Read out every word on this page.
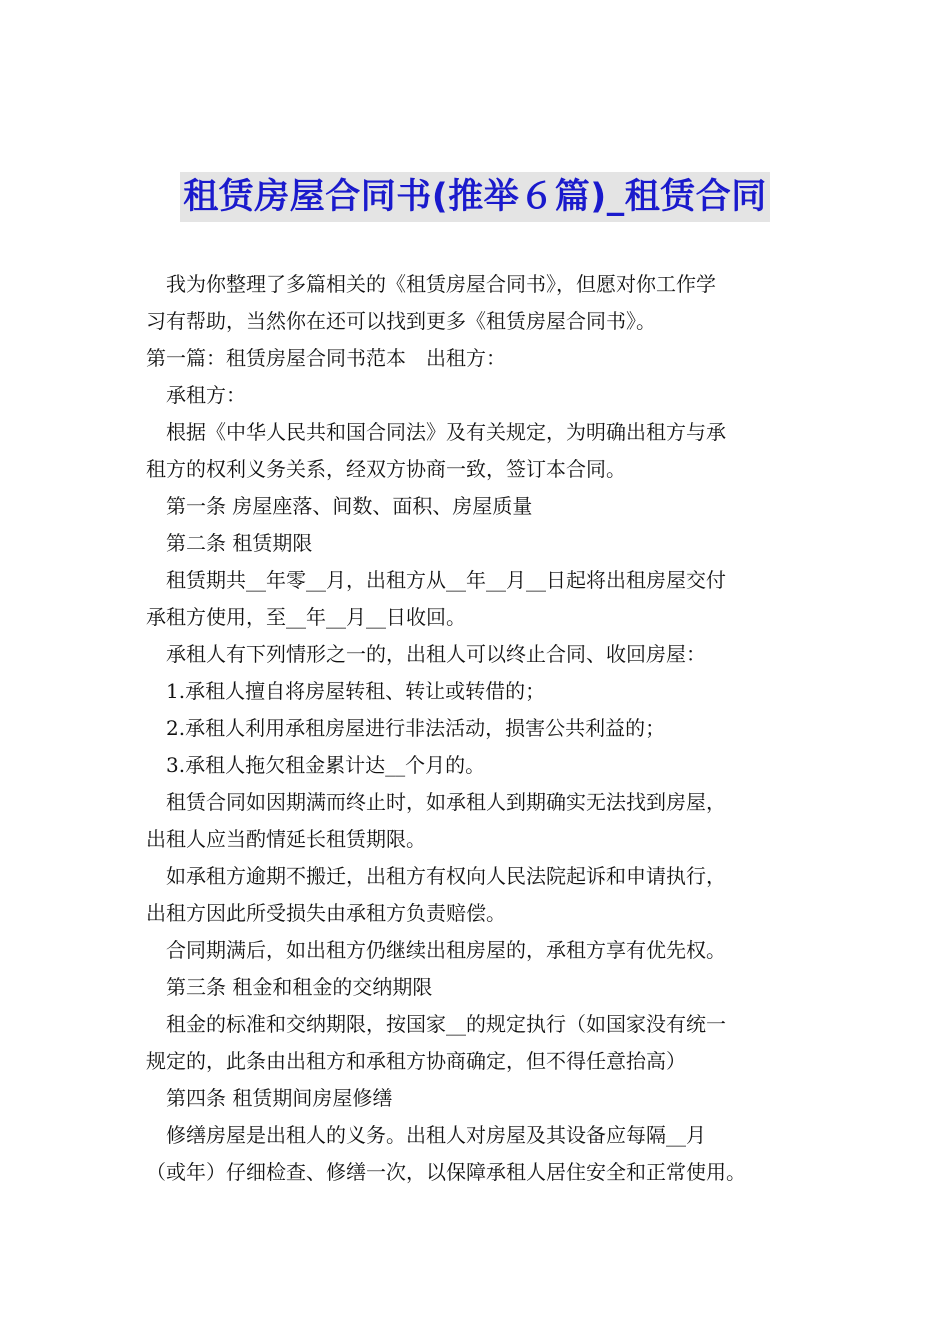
租赁房屋合同书(推举６篇)_租赁合同

我为你整理了多篇相关的《租赁房屋合同书》，但愿对你工作学

习有帮助，当然你在还可以找到更多《租赁房屋合同书》。

第一篇：租赁房屋合同书范本　出租方：

承租方：

根据《中华人民共和国合同法》及有关规定，为明确出租方与承

租方的权利义务关系，经双方协商一致，签订本合同。

第一条 房屋座落、间数、面积、房屋质量

第二条 租赁期限

租赁期共__年零__月，出租方从__年__月__日起将出租房屋交付

承租方使用，至__年__月__日收回。

承租人有下列情形之一的，出租人可以终止合同、收回房屋：

1.承租人擅自将房屋转租、转让或转借的；

2.承租人利用承租房屋进行非法活动，损害公共利益的；

3.承租人拖欠租金累计达__个月的。

租赁合同如因期满而终止时，如承租人到期确实无法找到房屋，

出租人应当酌情延长租赁期限。

如承租方逾期不搬迁，出租方有权向人民法院起诉和申请执行，

出租方因此所受损失由承租方负责赔偿。

合同期满后，如出租方仍继续出租房屋的，承租方享有优先权。

第三条 租金和租金的交纳期限

租金的标准和交纳期限，按国家__的规定执行（如国家没有统一

规定的，此条由出租方和承租方协商确定，但不得任意抬高）

第四条 租赁期间房屋修缮

修缮房屋是出租人的义务。出租人对房屋及其设备应每隔__月

（或年）仔细检查、修缮一次，以保障承租人居住安全和正常使用。
